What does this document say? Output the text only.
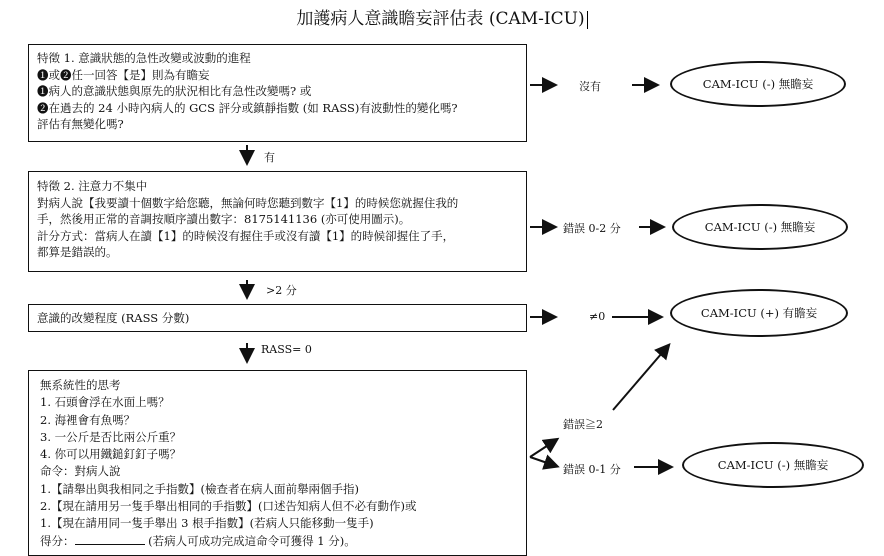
加護病人意識瞻妄評估表 (CAM-ICU)
特徵 1. 意識狀態的急性改變或波動的進程
❶或❷任一回答【是】則為有瞻妄
❶病人的意識狀態與原先的狀況相比有急性改變嗎? 或
❷在過去的 24 小時內病人的 GCS 評分或鎮靜指數 (如 RASS)有波動性的變化嗎?
評估有無變化嗎?
特徵 2. 注意力不集中
對病人說【我要讀十個數字給您聽，無論何時您聽到數字【1】的時候您就握住我的
手，然後用正常的音調按順序讀出數字：8175141136 (亦可使用圖示)。
計分方式：當病人在讀【1】的時候沒有握住手或沒有讀【1】的時候卻握住了手，
都算是錯誤的。
意識的改變程度 (RASS 分數)
無系統性的思考
1. 石頭會浮在水面上嗎？
2. 海裡會有魚嗎？
3. 一公斤是否比兩公斤重？
4. 你可以用鐵鎚釘釘子嗎？
命令：對病人說
1.【請舉出與我相同之手指數】(檢查者在病人面前舉兩個手指)
2.【現在請用另一隻手舉出相同的手指數】(口述告知病人但不必有動作)或
1.【現在請用同一隻手舉出 3 根手指數】(若病人只能移動一隻手)
得分：	(若病人可成功完成這命令可獲得 1 分)。
有
>2 分
RASS= 0
沒有
錯誤 0-2 分
≠0
錯誤≧2
錯誤 0-1 分
CAM-ICU (-) 無瞻妄
CAM-ICU (-) 無瞻妄
CAM-ICU (+) 有瞻妄
CAM-ICU (-) 無瞻妄
